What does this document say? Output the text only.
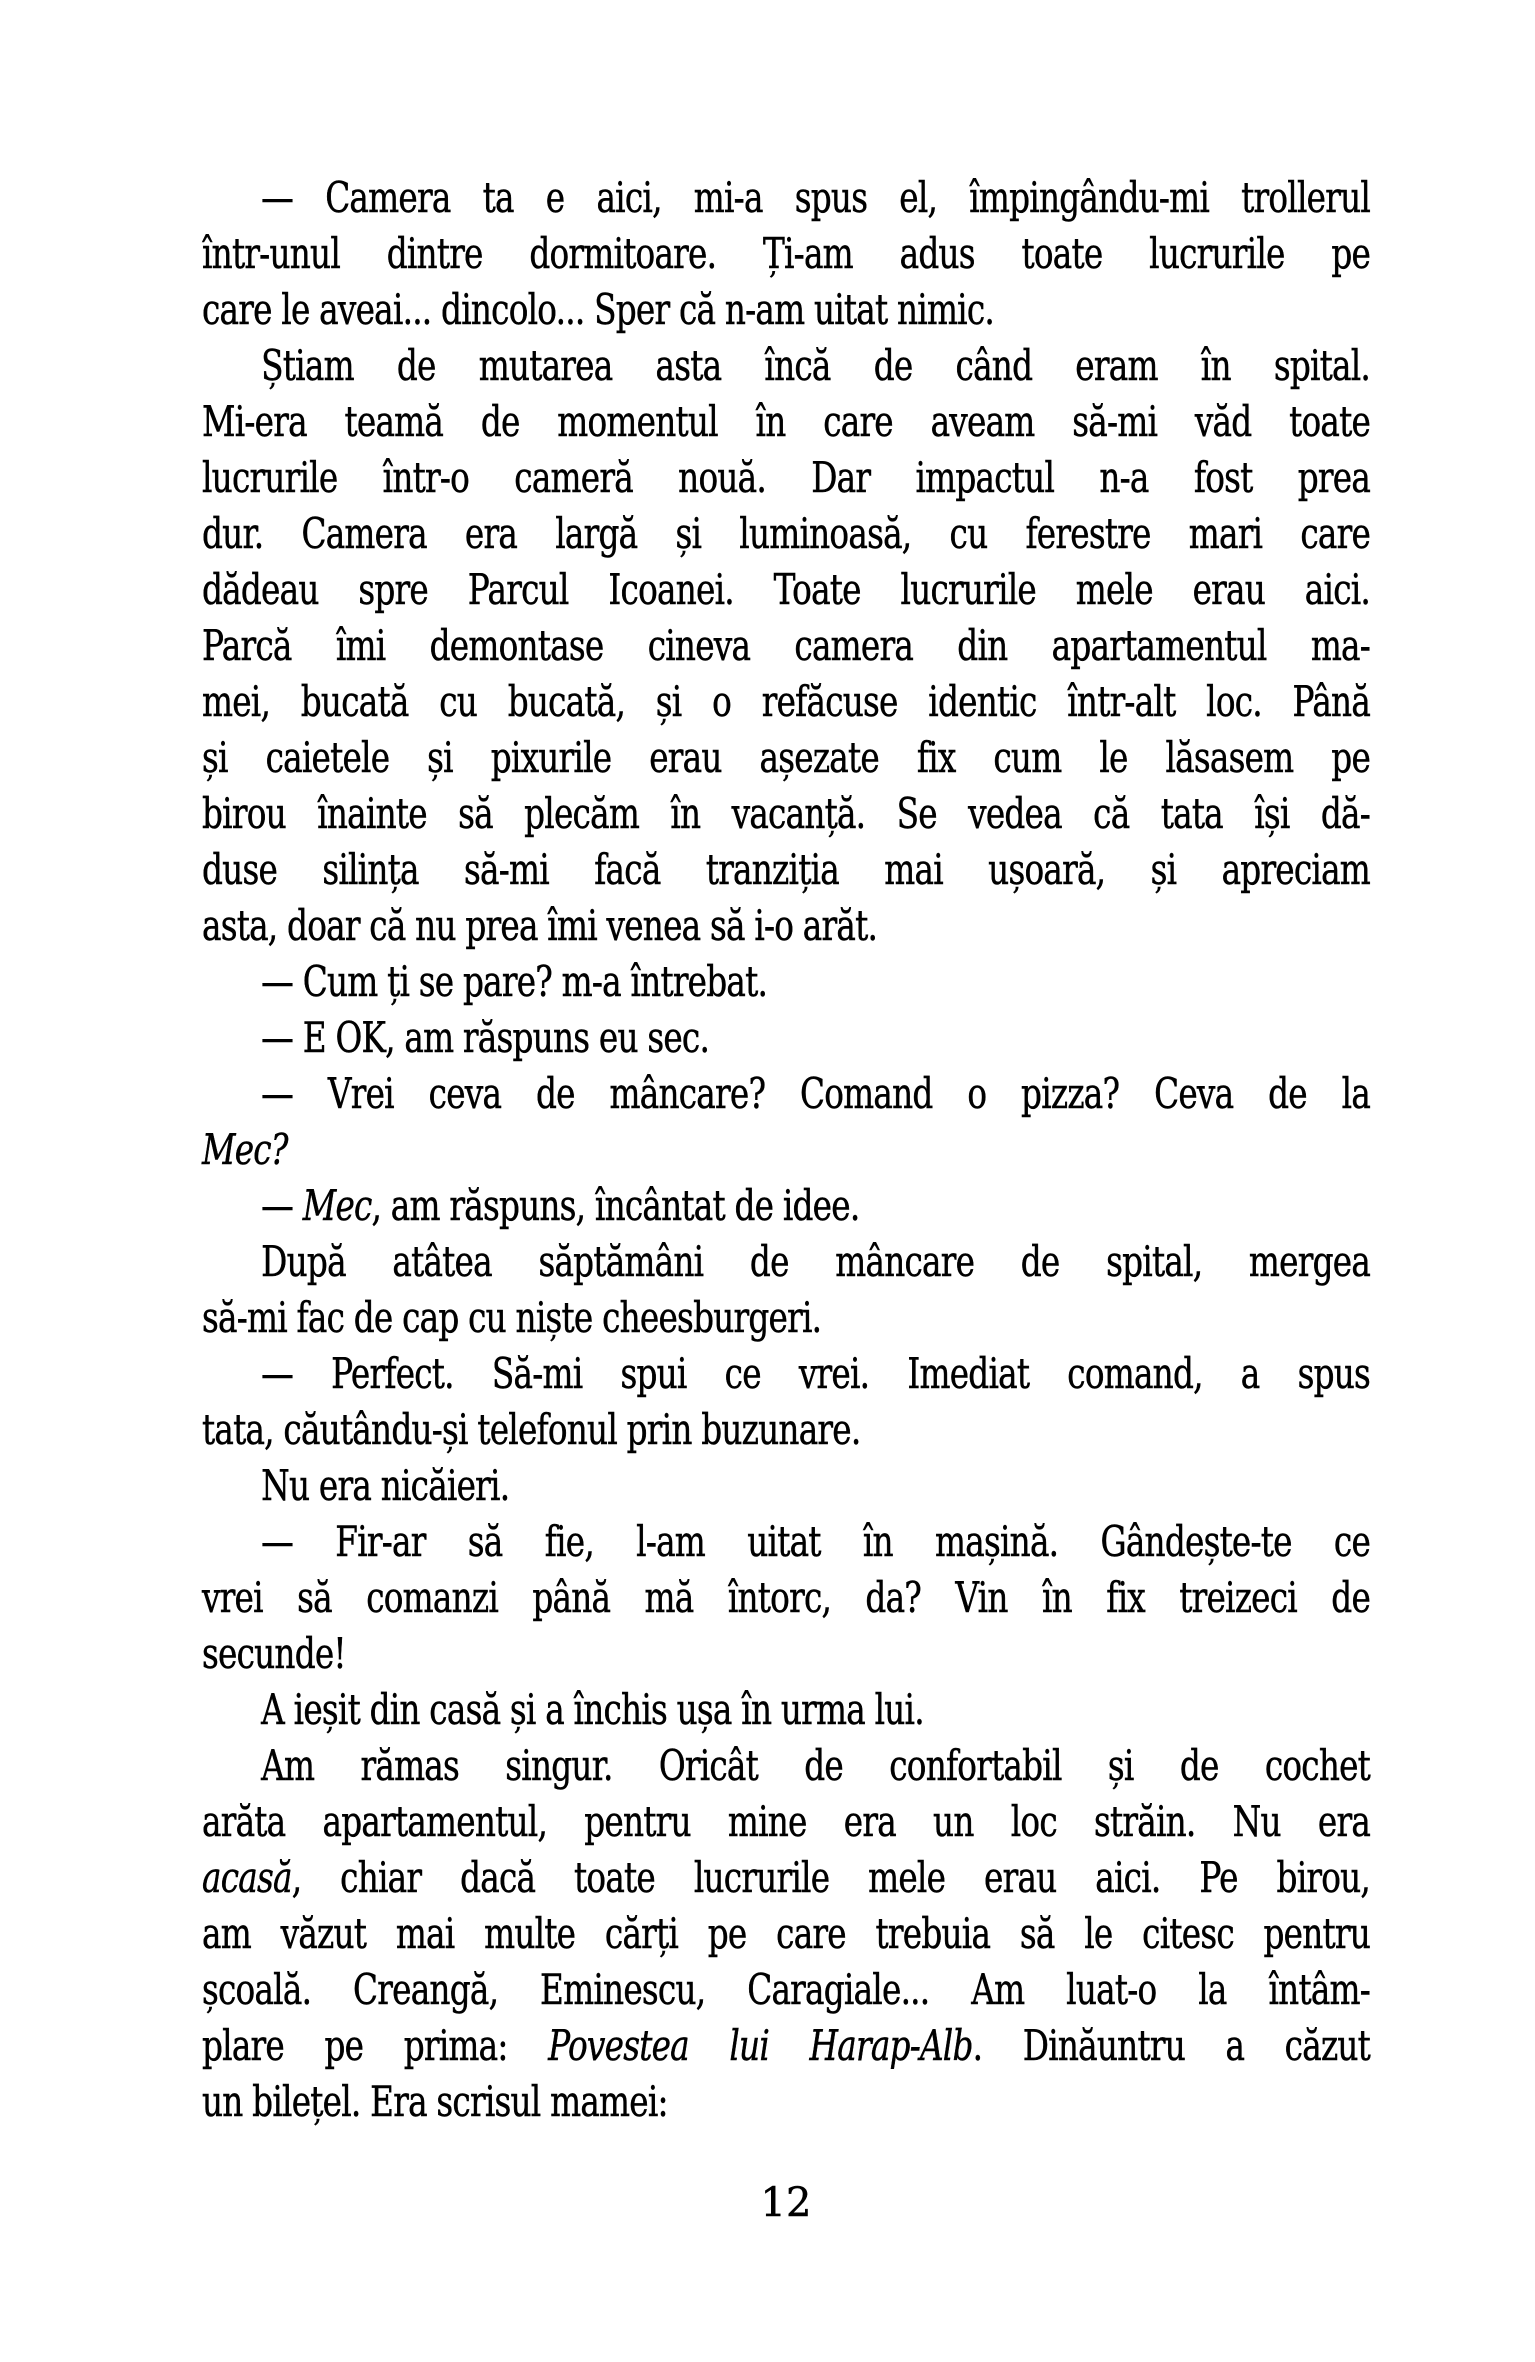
— Camera ta e aici, mi-a spus el, împingându-mi trollerul
într-unul dintre dormitoare. Ți-am adus toate lucrurile pe
care le aveai... dincolo... Sper că n-am uitat nimic.
Știam de mutarea asta încă de când eram în spital.
Mi-era teamă de momentul în care aveam să-mi văd toate
lucrurile într-o cameră nouă. Dar impactul n-a fost prea
dur. Camera era largă și luminoasă, cu ferestre mari care
dădeau spre Parcul Icoanei. Toate lucrurile mele erau aici.
Parcă îmi demontase cineva camera din apartamentul ma-
mei, bucată cu bucată, și o refăcuse identic într-alt loc. Până
și caietele și pixurile erau așezate fix cum le lăsasem pe
birou înainte să plecăm în vacanță. Se vedea că tata își dă-
duse silința să-mi facă tranziția mai ușoară, și apreciam
asta, doar că nu prea îmi venea să i-o arăt.
— Cum ți se pare? m-a întrebat.
— E OK, am răspuns eu sec.
— Vrei ceva de mâncare? Comand o pizza? Ceva de la
Mec?
— Mec, am răspuns, încântat de idee.
După atâtea săptămâni de mâncare de spital, mergea
să-mi fac de cap cu niște cheesburgeri.
— Perfect. Să-mi spui ce vrei. Imediat comand, a spus
tata, căutându-și telefonul prin buzunare.
Nu era nicăieri.
— Fir-ar să fie, l-am uitat în mașină. Gândește-te ce
vrei să comanzi până mă întorc, da? Vin în fix treizeci de
secunde!
A ieșit din casă și a închis ușa în urma lui.
Am rămas singur. Oricât de confortabil și de cochet
arăta apartamentul, pentru mine era un loc străin. Nu era
acasă, chiar dacă toate lucrurile mele erau aici. Pe birou,
am văzut mai multe cărți pe care trebuia să le citesc pentru
școală. Creangă, Eminescu, Caragiale... Am luat-o la întâm-
plare pe prima: Povestea lui Harap-Alb. Dinăuntru a căzut
un bilețel. Era scrisul mamei:
12
